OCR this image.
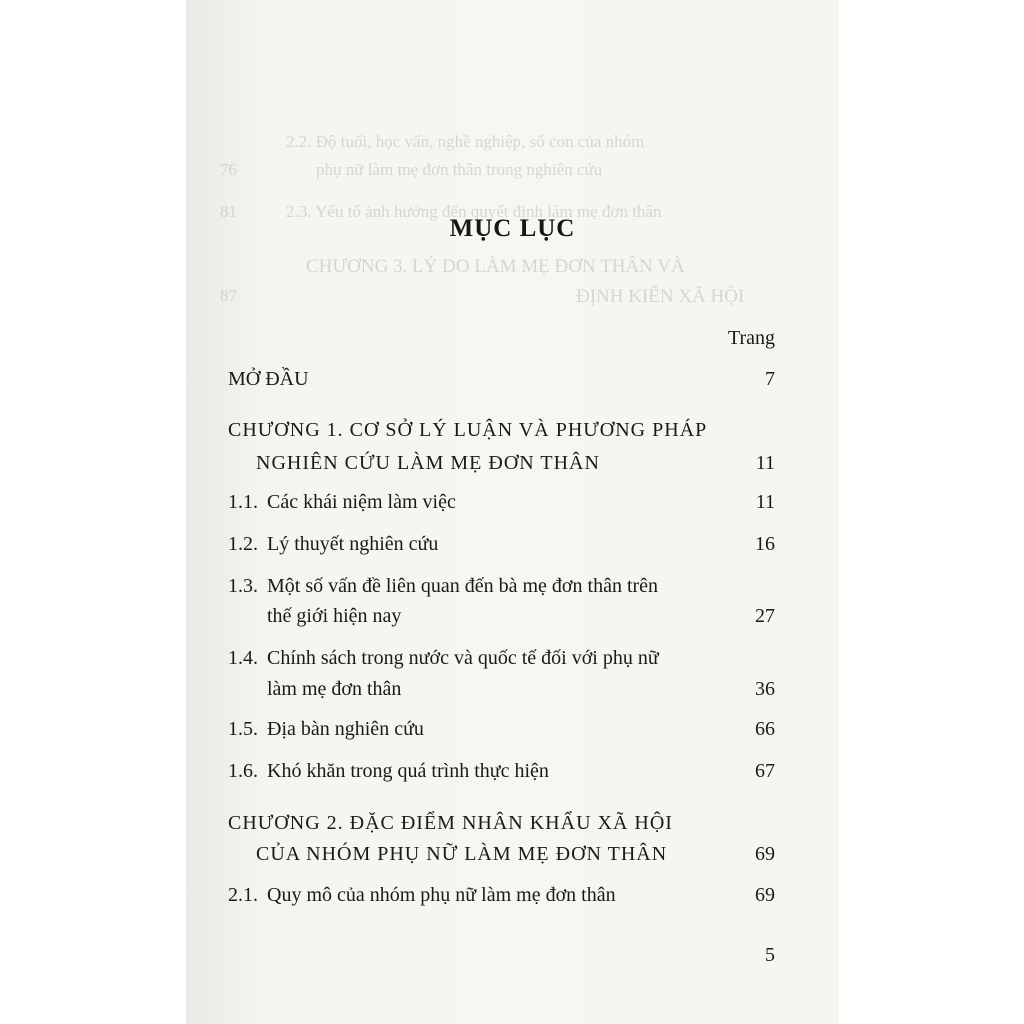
2.2. Độ tuổi, học vấn, nghề nghiệp, số con của nhóm
phụ nữ làm mẹ đơn thân trong nghiên cứu
76
2.3. Yếu tố ảnh hưởng đến quyết định làm mẹ đơn thân
81
CHƯƠNG 3. LÝ DO LÀM MẸ ĐƠN THÂN VÀ
ĐỊNH KIẾN XÃ HỘI
87
MỤC LỤC
Trang
MỞ ĐẦU	7
CHƯƠNG 1. CƠ SỞ LÝ LUẬN VÀ PHƯƠNG PHÁP
NGHIÊN CỨU LÀM MẸ ĐƠN THÂN	11
1.1. Các khái niệm làm việc	11
1.2. Lý thuyết nghiên cứu	16
1.3. Một số vấn đề liên quan đến bà mẹ đơn thân trên
thế giới hiện nay	27
1.4. Chính sách trong nước và quốc tế đối với phụ nữ
làm mẹ đơn thân	36
1.5. Địa bàn nghiên cứu	66
1.6. Khó khăn trong quá trình thực hiện	67
CHƯƠNG 2. ĐẶC ĐIỂM NHÂN KHẨU XÃ HỘI
CỦA NHÓM PHỤ NỮ LÀM MẸ ĐƠN THÂN	69
2.1. Quy mô của nhóm phụ nữ làm mẹ đơn thân	69
5
